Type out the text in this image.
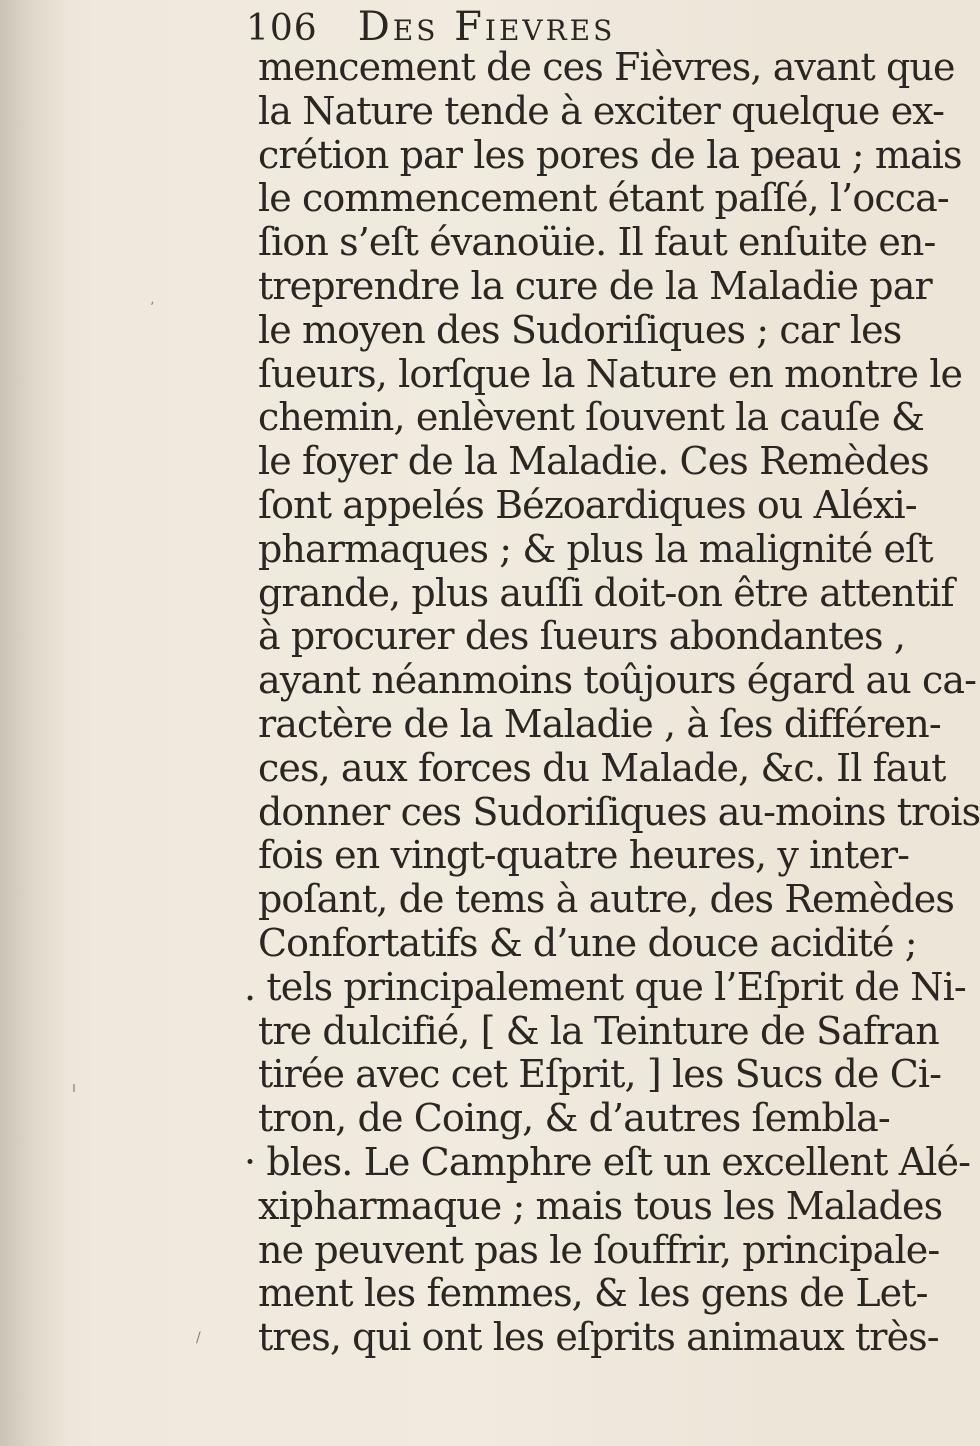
ʼ
ı
/
106 Des Fievres
mencement de ces Fièvres, avant que
la Nature tende à exciter quelque ex-
crétion par les pores de la peau ; mais
le commencement étant paſſé, l’occa-
ſion s’eſt évanoüie. Il faut enſuite en-
treprendre la cure de la Maladie par
le moyen des Sudoriſiques ; car les
ſueurs, lorſque la Nature en montre le
chemin, enlèvent ſouvent la cauſe &
le foyer de la Maladie. Ces Remèdes
ſont appelés Bézoardiques ou Aléxi-
pharmaques ; & plus la malignité eſt
grande, plus auſſi doit-on être attentif
à procurer des ſueurs abondantes ,
ayant néanmoins toûjours égard au ca-
ractère de la Maladie , à ſes différen-
ces, aux forces du Malade, &c. Il faut
donner ces Sudoriſiques au-moins trois
fois en vingt-quatre heures, y inter-
poſant, de tems à autre, des Remèdes
Confortatifs & d’une douce acidité ;
. tels principalement que l’Eſprit de Ni-
tre dulcifié, [ & la Teinture de Safran
tirée avec cet Eſprit, ] les Sucs de Ci-
tron, de Coing, & d’autres ſembla-
· bles. Le Camphre eſt un excellent Alé-
xipharmaque ; mais tous les Malades
ne peuvent pas le ſouffrir, principale-
ment les femmes, & les gens de Let-
tres, qui ont les eſprits animaux très-
